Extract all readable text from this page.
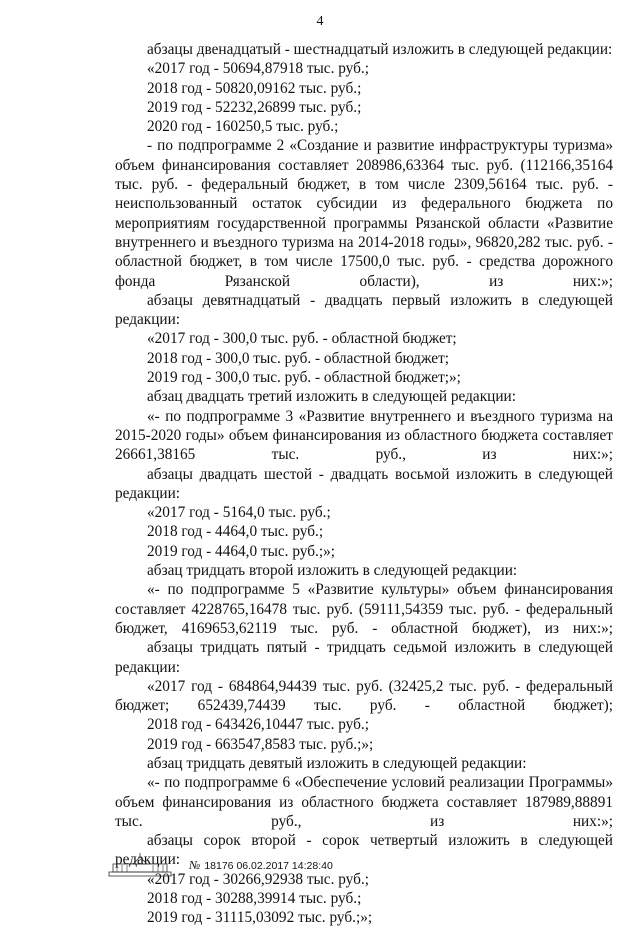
4

абзацы двенадцатый - шестнадцатый изложить в следующей редакции:

«2017 год - 50694,87918 тыс. руб.;

2018 год - 50820,09162 тыс. руб.;

2019 год - 52232,26899 тыс. руб.;

2020 год - 160250,5 тыс. руб.;

- по подпрограмме 2 «Создание и развитие инфраструктуры туризма» объем финансирования составляет 208986,63364 тыс. руб. (112166,35164 тыс. руб. - федеральный бюджет, в том числе 2309,56164 тыс. руб. - неиспользованный остаток субсидии из федерального бюджета по мероприятиям государственной программы Рязанской области «Развитие внутреннего и въездного туризма на 2014-2018 годы», 96820,282 тыс. руб. - областной бюджет, в том числе 17500,0 тыс. руб. - средства дорожного фонда Рязанской области), из них:»;

абзацы девятнадцатый - двадцать первый изложить в следующей редакции:

«2017 год - 300,0 тыс. руб. - областной бюджет;

2018 год - 300,0 тыс. руб. - областной бюджет;

2019 год - 300,0 тыс. руб. - областной бюджет;»;

абзац двадцать третий изложить в следующей редакции:

«- по подпрограмме 3 «Развитие внутреннего и въездного туризма на 2015-2020 годы» объем финансирования из областного бюджета составляет 26661,38165 тыс. руб., из них:»;

абзацы двадцать шестой - двадцать восьмой изложить в следующей редакции:

«2017 год - 5164,0 тыс. руб.;

2018 год - 4464,0 тыс. руб.;

2019 год - 4464,0 тыс. руб.;»;

абзац тридцать второй изложить в следующей редакции:

«- по подпрограмме 5 «Развитие культуры» объем финансирования составляет 4228765,16478 тыс. руб. (59111,54359 тыс. руб. - федеральный бюджет, 4169653,62119 тыс. руб. - областной бюджет), из них:»;

абзацы тридцать пятый - тридцать седьмой изложить в следующей редакции:

«2017 год - 684864,94439 тыс. руб. (32425,2 тыс. руб. - федеральный бюджет; 652439,74439 тыс. руб. - областной бюджет);

2018 год - 643426,10447 тыс. руб.;

2019 год - 663547,8583 тыс. руб.;»;

абзац тридцать девятый изложить в следующей редакции:

«- по подпрограмме 6 «Обеспечение условий реализации Программы» объем финансирования из областного бюджета составляет 187989,88891 тыс. руб., из них:»;

абзацы сорок второй - сорок четвертый изложить в следующей редакции:

«2017 год - 30266,92938 тыс. руб.;

2018 год - 30288,39914 тыс. руб.;

2019 год - 31115,03092 тыс. руб.;»;

№ 18176 06.02.2017 14:28:40
